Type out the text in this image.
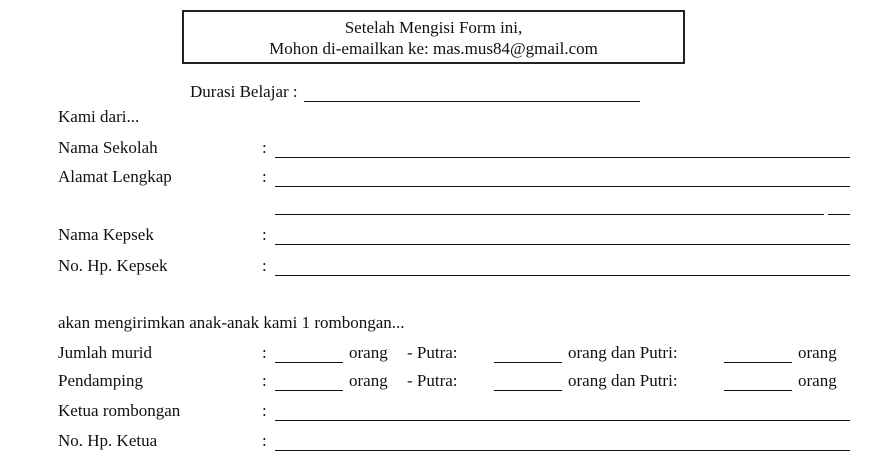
Setelah Mengisi Form ini,
Mohon di-emailkan ke: mas.mus84@gmail.com
Durasi Belajar :
Kami dari...
Nama Sekolah	:
Alamat Lengkap	:
Nama Kepsek	:
No. Hp. Kepsek	:
akan mengirimkan anak-anak kami 1 rombongan...
Jumlah murid	:	orang - Putra:	orang dan Putri:	orang
Pendamping	:	orang - Putra:	orang dan Putri:	orang
Ketua rombongan	:
No. Hp. Ketua	:
